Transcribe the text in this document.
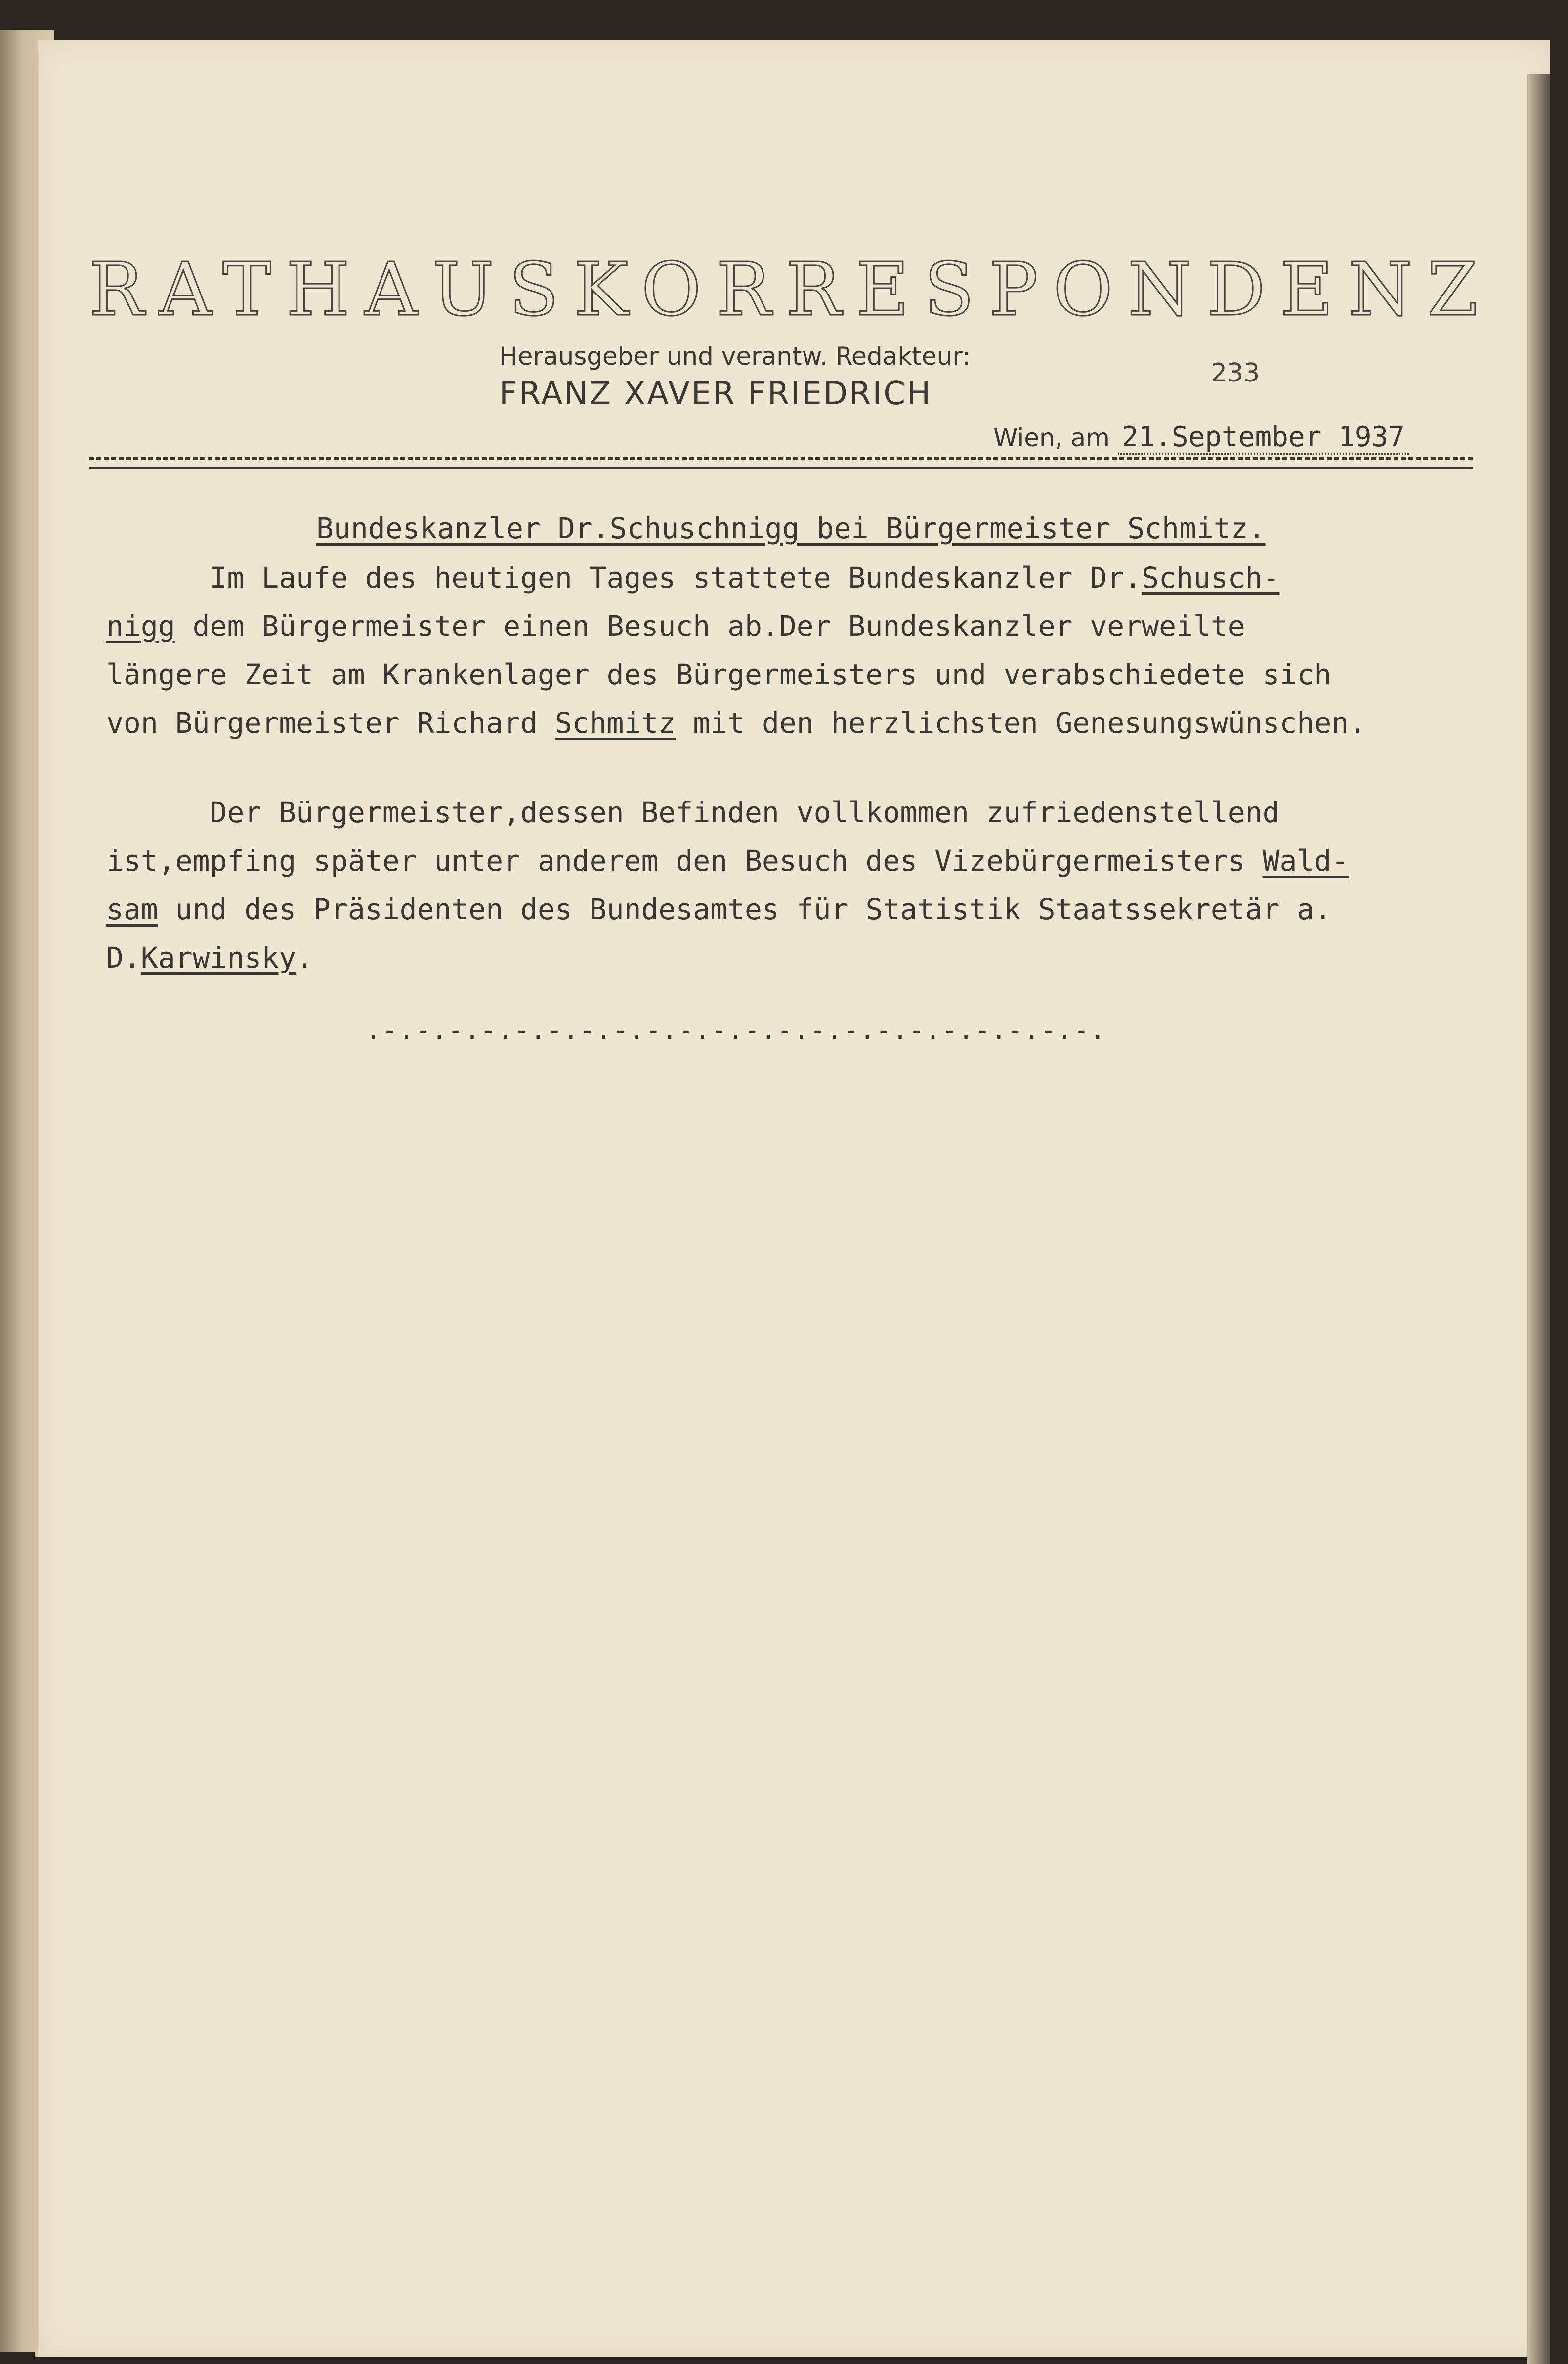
RATHAUSKORRESPONDENZ
Herausgeber und verantw. Redakteur:
FRANZ XAVER FRIEDRICH
233
Wien, am 21.September 1937
Bundeskanzler Dr.Schuschnigg bei Bürgermeister Schmitz.
Im Laufe des heutigen Tages stattete Bundeskanzler Dr.Schusch-
nigg dem Bürgermeister einen Besuch ab.Der Bundeskanzler verweilte
längere Zeit am Krankenlager des Bürgermeisters und verabschiedete sich
von Bürgermeister Richard Schmitz mit den herzlichsten Genesungswünschen.
Der Bürgermeister,dessen Befinden vollkommen zufriedenstellend
ist,empfing später unter anderem den Besuch des Vizebürgermeisters Wald-
sam und des Präsidenten des Bundesamtes für Statistik Staatssekretär a.
D.Karwinsky.
.-.-.-.-.-.-.-.-.-.-.-.-.-.-.-.-.-.-.-.-.-.-.
